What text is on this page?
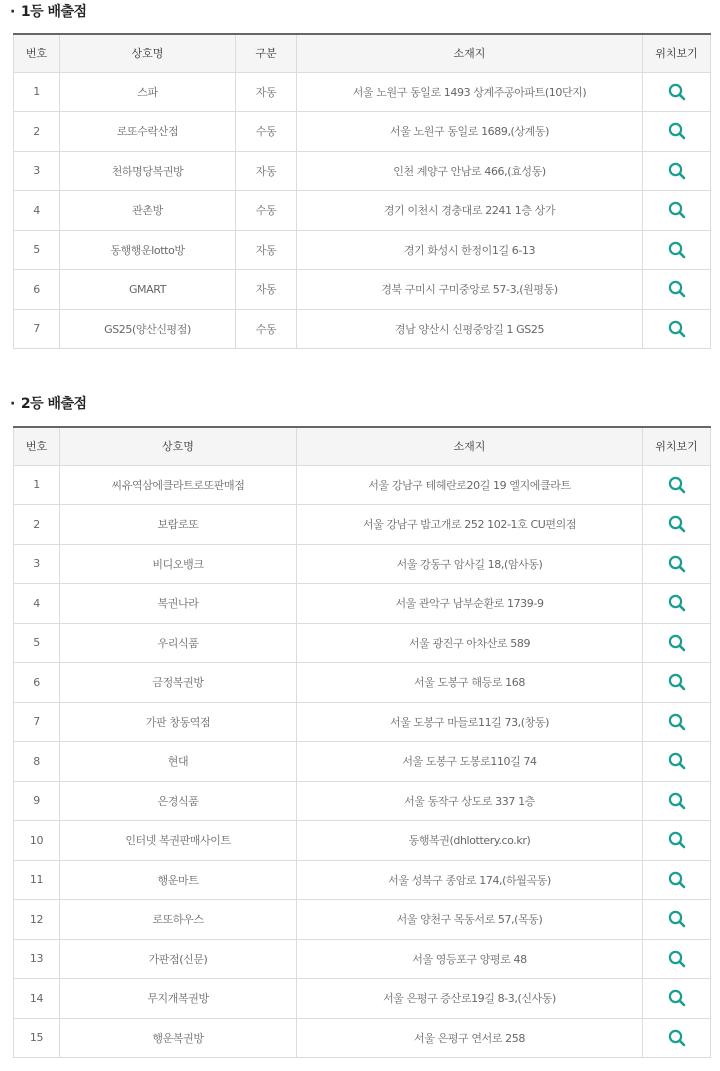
· 1등 배출점
번호	상호명	구분	소재지	위치보기
1	스파	자동	서울 노원구 동일로 1493 상계주공아파트(10단지)	

2	로또수락산점	수동	서울 노원구 동일로 1689,(상계동)	

3	천하명당복권방	자동	인천 계양구 안남로 466,(효성동)	

4	관촌방	수동	경기 이천시 경충대로 2241 1층 상가	

5	동행행운lotto방	자동	경기 화성시 한정이1길 6-13	

6	GMART	자동	경북 구미시 구미중앙로 57-3,(원평동)	

7	GS25(양산신평점)	수동	경남 양산시 신평중앙길 1 GS25	
· 2등 배출점
번호	상호명	소재지	위치보기
1	씨유역삼에클라트로또판매점	서울 강남구 테헤란로20길 19 엘지에클라트	

2	보람로또	서울 강남구 밤고개로 252 102-1호 CU편의점	

3	비디오뱅크	서울 강동구 암사길 18,(암사동)	

4	복권나라	서울 관악구 남부순환로 1739-9	

5	우리식품	서울 광진구 아차산로 589	

6	금정복권방	서울 도봉구 해등로 168	

7	가판 창동역점	서울 도봉구 마들로11길 73,(창동)	

8	현대	서울 도봉구 도봉로110길 74	

9	은경식품	서울 동작구 상도로 337 1층	

10	인터넷 복권판매사이트	동행복권(dhlottery.co.kr)	

11	행운마트	서울 성북구 종암로 174,(하월곡동)	

12	로또하우스	서울 양천구 목동서로 57,(목동)	

13	가판점(신문)	서울 영등포구 양평로 48	

14	무지개복권방	서울 은평구 증산로19길 8-3,(신사동)	

15	행운복권방	서울 은평구 연서로 258	
